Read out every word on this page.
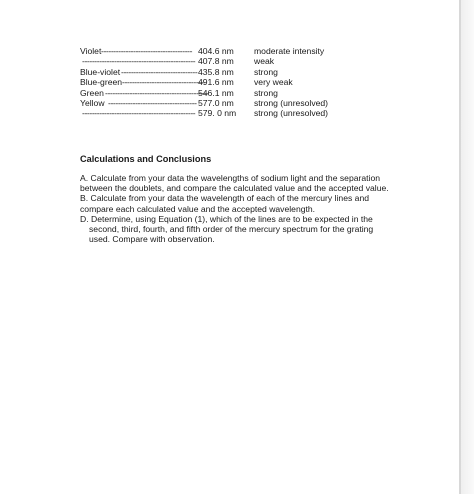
Violet ------------------------------------- 404.6 nm moderate intensity
---------------------------------------------- 407.8 nm weak
Blue-violet ------------------------------- 435.8 nm strong
Blue-green ----------------------------------
491.6 nm very weak
Green ------------------------------------------
546.1 nm strong
Yellow ------------------------------------ 577.0 nm strong (unresolved)
---------------------------------------------- 579. 0 nm strong (unresolved)
Calculations and Conclusions

A. Calculate from your data the wavelengths of sodium light and the separation between the doublets, and compare the calculated value and the accepted value.

B. Calculate from your data the wavelength of each of the mercury lines and compare each calculated value and the accepted wavelength.

D. Determine, using Equation (1), which of the lines are to be expected in the second, third, fourth, and fifth order of the mercury spectrum for the grating used. Compare with observation.
